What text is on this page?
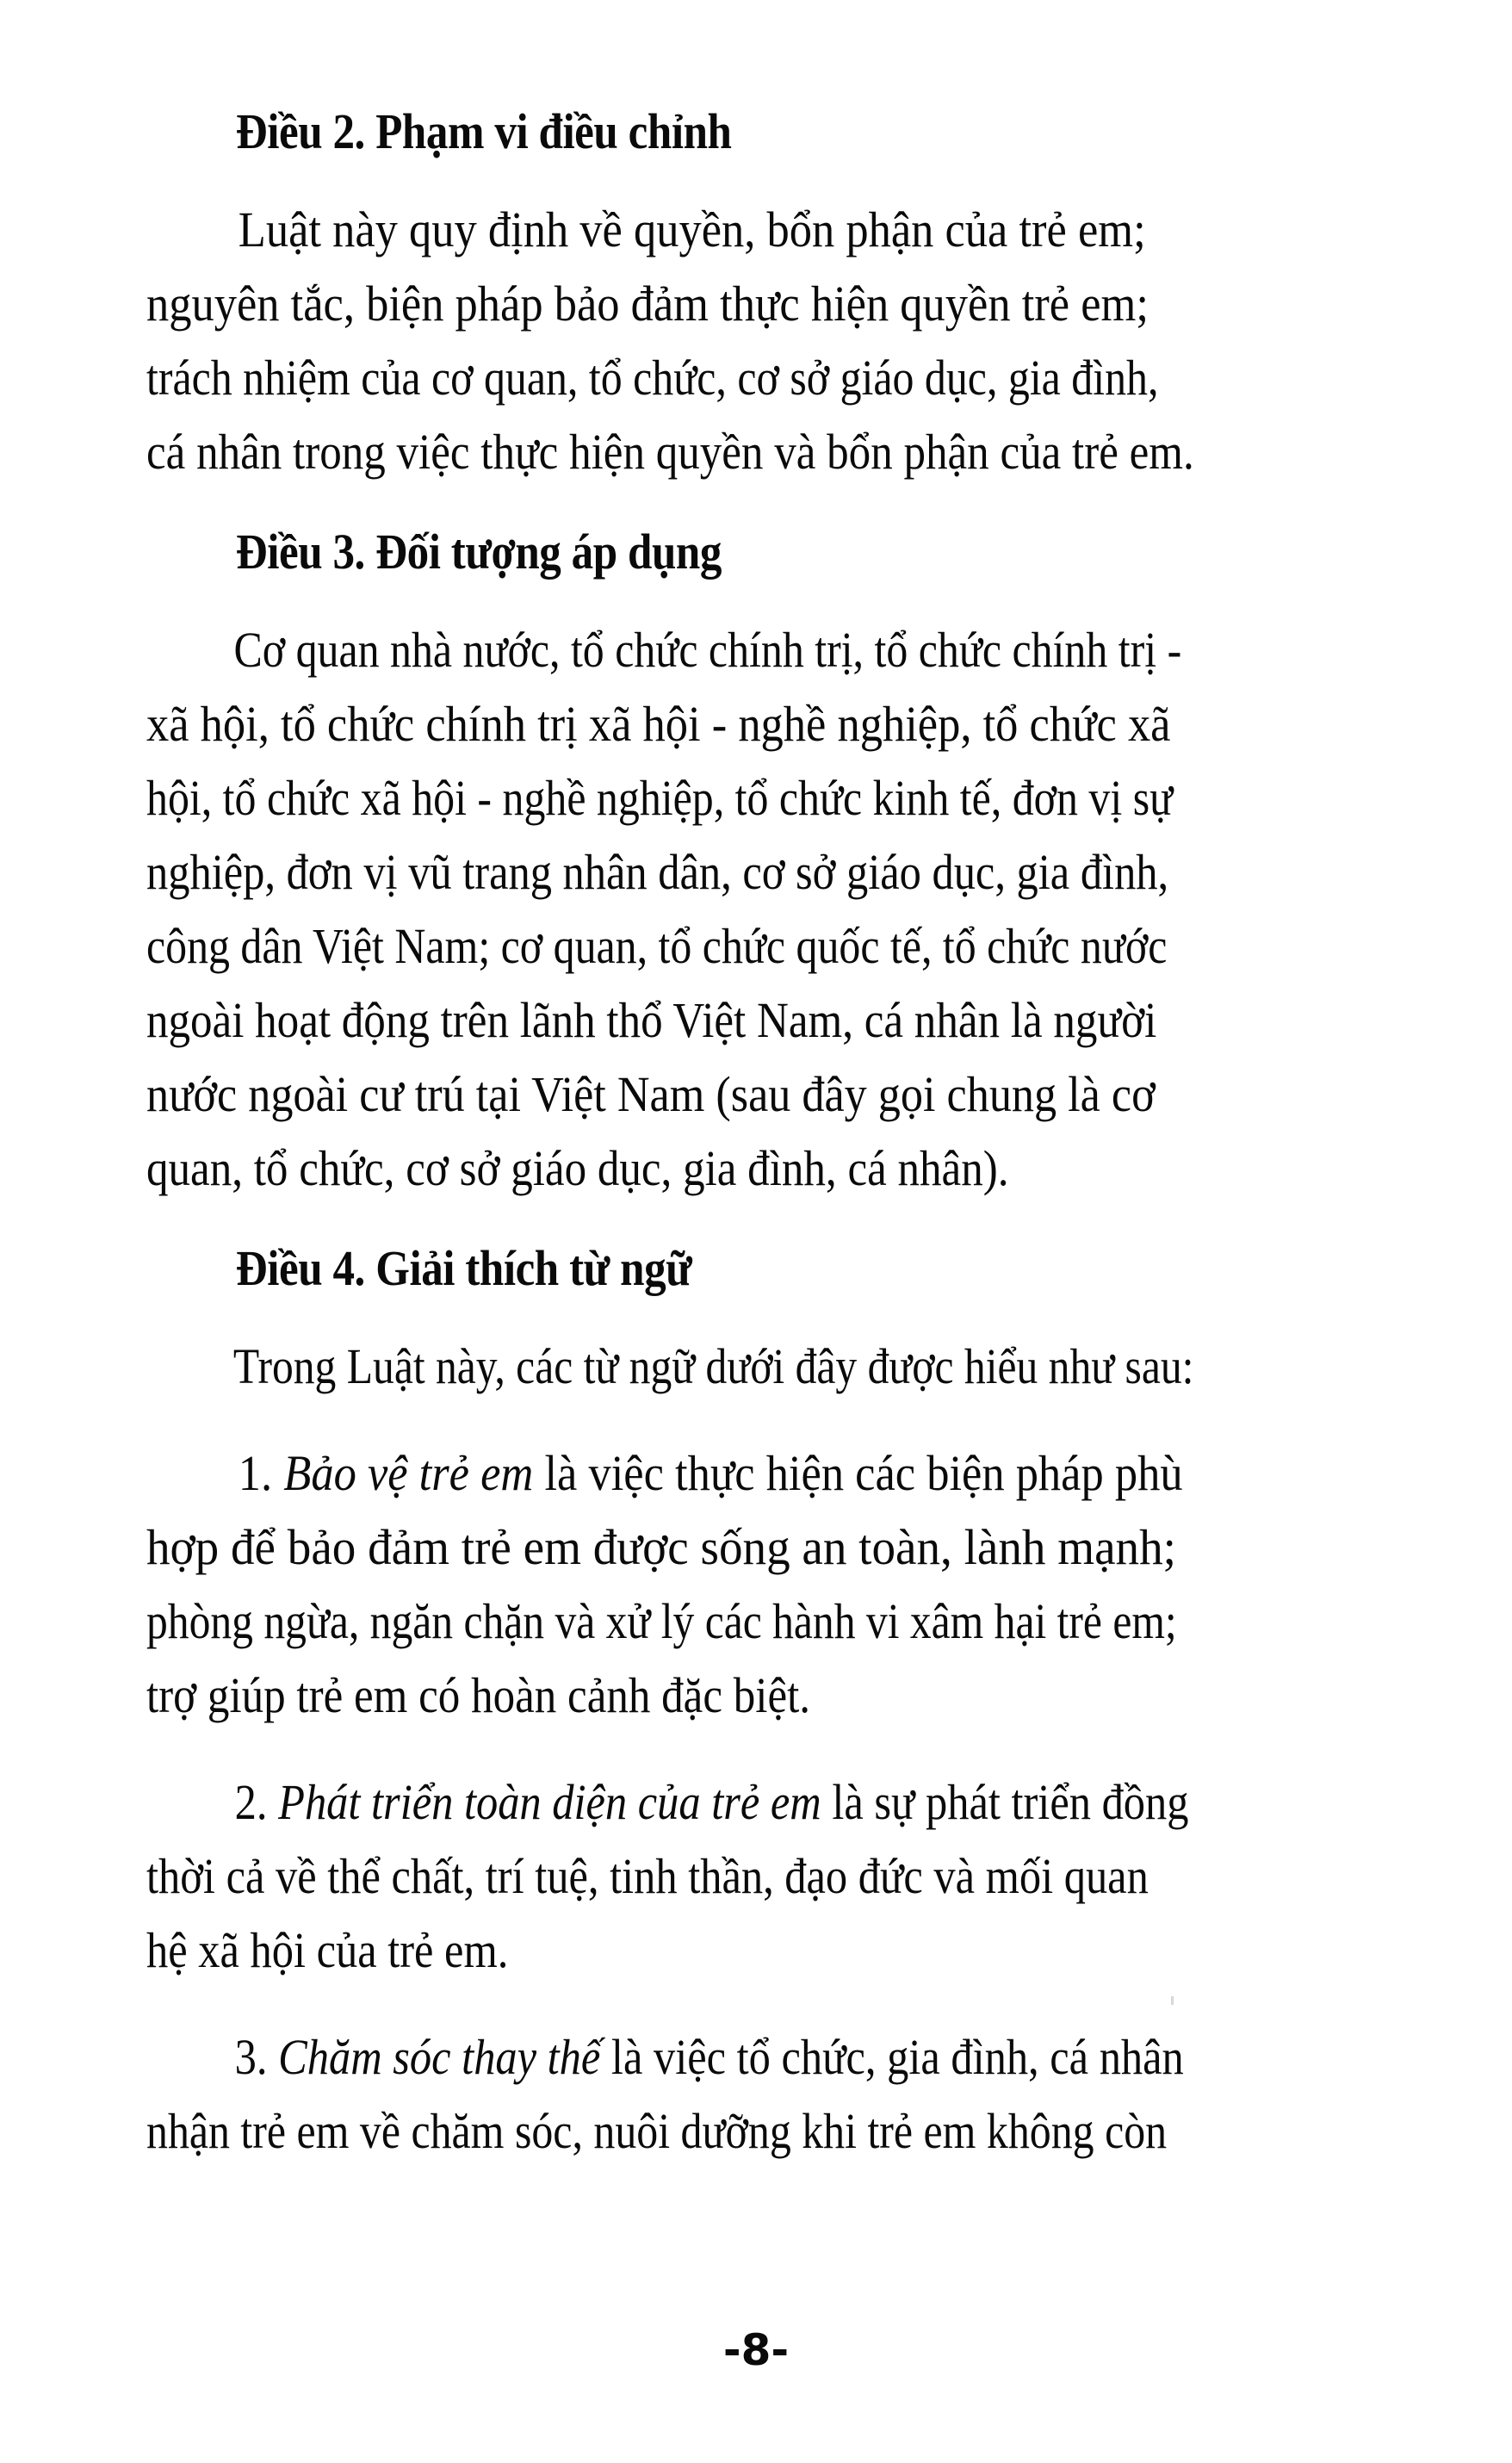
Điều 2. Phạm vi điều chỉnh
Luật này quy định về quyền, bổn phận của trẻ em;
nguyên tắc, biện pháp bảo đảm thực hiện quyền trẻ em;
trách nhiệm của cơ quan, tổ chức, cơ sở giáo dục, gia đình,
cá nhân trong việc thực hiện quyền và bổn phận của trẻ em.
Điều 3. Đối tượng áp dụng
Cơ quan nhà nước, tổ chức chính trị, tổ chức chính trị -
xã hội, tổ chức chính trị xã hội - nghề nghiệp, tổ chức xã
hội, tổ chức xã hội - nghề nghiệp, tổ chức kinh tế, đơn vị sự
nghiệp, đơn vị vũ trang nhân dân, cơ sở giáo dục, gia đình,
công dân Việt Nam; cơ quan, tổ chức quốc tế, tổ chức nước
ngoài hoạt động trên lãnh thổ Việt Nam, cá nhân là người
nước ngoài cư trú tại Việt Nam (sau đây gọi chung là cơ
quan, tổ chức, cơ sở giáo dục, gia đình, cá nhân).
Điều 4. Giải thích từ ngữ
Trong Luật này, các từ ngữ dưới đây được hiểu như sau:
1. Bảo vệ trẻ em là việc thực hiện các biện pháp phù
hợp để bảo đảm trẻ em được sống an toàn, lành mạnh;
phòng ngừa, ngăn chặn và xử lý các hành vi xâm hại trẻ em;
trợ giúp trẻ em có hoàn cảnh đặc biệt.
2. Phát triển toàn diện của trẻ em là sự phát triển đồng
thời cả về thể chất, trí tuệ, tinh thần, đạo đức và mối quan
hệ xã hội của trẻ em.
3. Chăm sóc thay thế là việc tổ chức, gia đình, cá nhân
nhận trẻ em về chăm sóc, nuôi dưỡng khi trẻ em không còn
-8-
